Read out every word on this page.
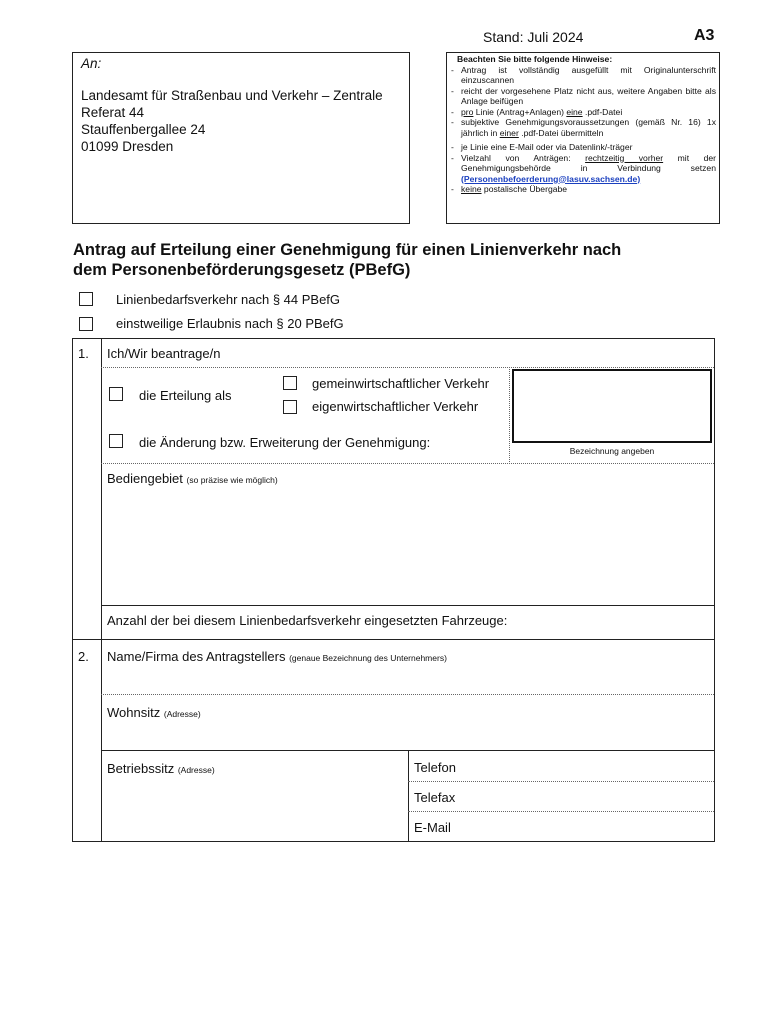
Stand: Juli 2024	A3
An:
Landesamt für Straßenbau und Verkehr – Zentrale
Referat 44
Stauffenbergallee 24
01099 Dresden
Beachten Sie bitte folgende Hinweise:
- Antrag ist vollständig ausgefüllt mit Originalunterschrift einzuscannen
- reicht der vorgesehene Platz nicht aus, weitere Angaben bitte als Anlage beifügen
- pro Linie (Antrag+Anlagen) eine .pdf-Datei
- subjektive Genehmigungsvoraussetzungen (gemäß Nr. 16) 1x jährlich in einer .pdf-Datei übermitteln
- je Linie eine E-Mail oder via Datenlink/-träger
- Vielzahl von Anträgen: rechtzeitig vorher mit der Genehmigungsbehörde in Verbindung setzen (Personenbefoerderung@lasuv.sachsen.de)
- keine postalische Übergabe
Antrag auf Erteilung einer Genehmigung für einen Linienverkehr nach
dem Personenbeförderungsgesetz (PBefG)
Linienbedarfsverkehr nach § 44 PBefG
einstweilige Erlaubnis nach § 20 PBefG
1. Ich/Wir beantrage/n
die Erteilung als
gemeinwirtschaftlicher Verkehr
eigenwirtschaftlicher Verkehr
die Änderung bzw. Erweiterung der Genehmigung:
Bezeichnung angeben
Bediengebiet (so präzise wie möglich)
Anzahl der bei diesem Linienbedarfsverkehr eingesetzten Fahrzeuge:
2. Name/Firma des Antragstellers (genaue Bezeichnung des Unternehmers)
Wohnsitz (Adresse)
Betriebssitz (Adresse)	Telefon
Telefax
E-Mail
